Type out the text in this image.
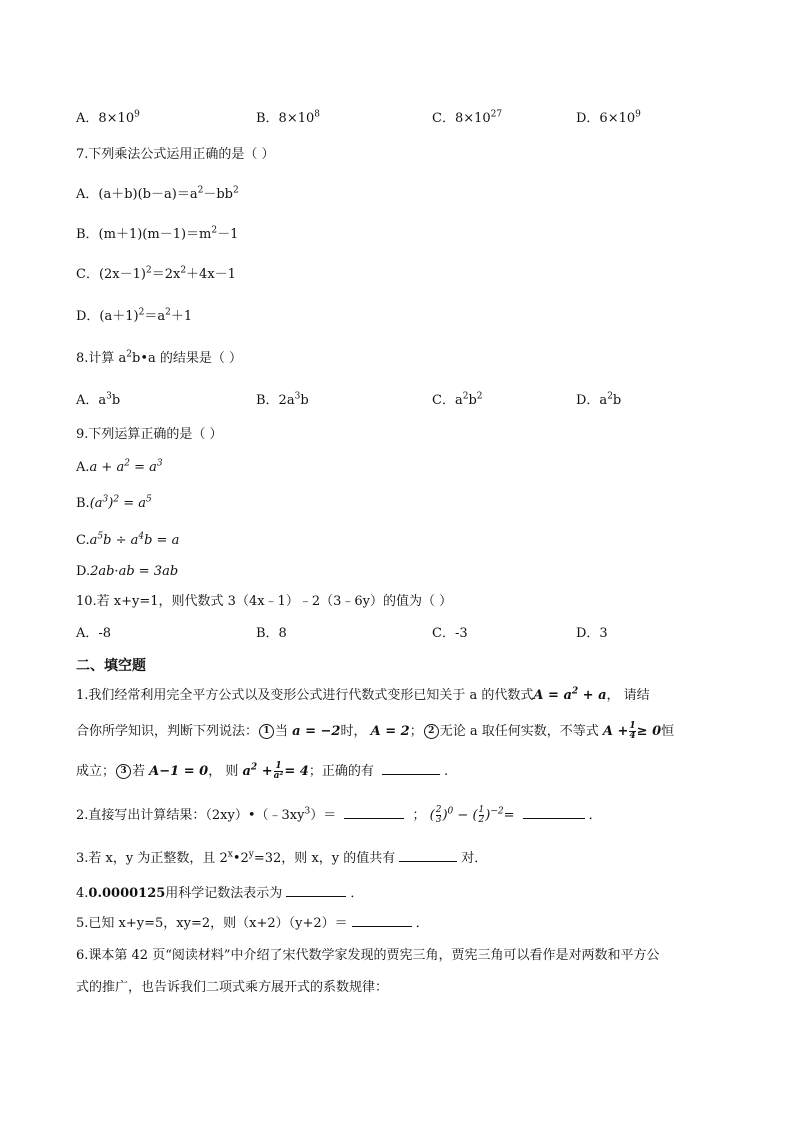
A．$8\times 10^9$	B．$8\times 10^8$	C．$8\times 10^{27}$	D．$6\times 10^9$
7.下列乘法公式运用正确的是（ ）
A．$(a+b)(b-a)=a^2-bb^2$
B．$(m+1)(m-1)=m^2-1$
C．$(2x-1)^2=2x^2+4x-1$
D．$(a+1)^2=a^2+1$
8.计算 $a^2b•a$ 的结果是（ ）
A．$a^3b$	B．$2a^3b$	C．$a^2b^2$	D．$a^2b$
9.下列运算正确的是（ ）
$A.a + a^2 = a^3$
$B.(a^3)^2 = a^5$
$C.a^5b \div a^4b = a$
D.2ab·ab = 3ab
10.若 x+y=1，则代数式 3（4x﹣1）﹣2（3﹣6y）的值为（ ）
A．-8	B．8	C．-3	D．3
二、填空题
1.我们经常利用完全平方公式以及变形公式进行代数式变形已知关于 a 的代数式$A = a^2 + a$， 请结
合你所学知识，判断下列说法： 1 当 a = −2时， A = 2； 2 无论 a 取任何实数，不等式 $A + \frac{1}{4} \ge 0$恒
成立； 3 若 A−1 = 0， 则 $a^2 + \frac{1}{\text{a²}} = 4$；正确的有	.
2.直接写出计算结果：$(2xy)•(﹣3xy^3)=$	； ( $\frac{2}{3} )^0$ − ( $\frac{1}{2} )^{-2}=$	．
3.若 x，y 为正整数，且 $2^x•2^y=32$，则 x，y 的值共有	对．
4.0.0000125用科学记数法表示为	．
5.已知 x+y=5，xy=2，则（x+2）（y+2）＝	．
6.课本第 42 页“阅读材料”中介绍了宋代数学家发现的贾宪三角，贾宪三角可以看作是对两数和平方公
式的推广，也告诉我们二项式乘方展开式的系数规律：
